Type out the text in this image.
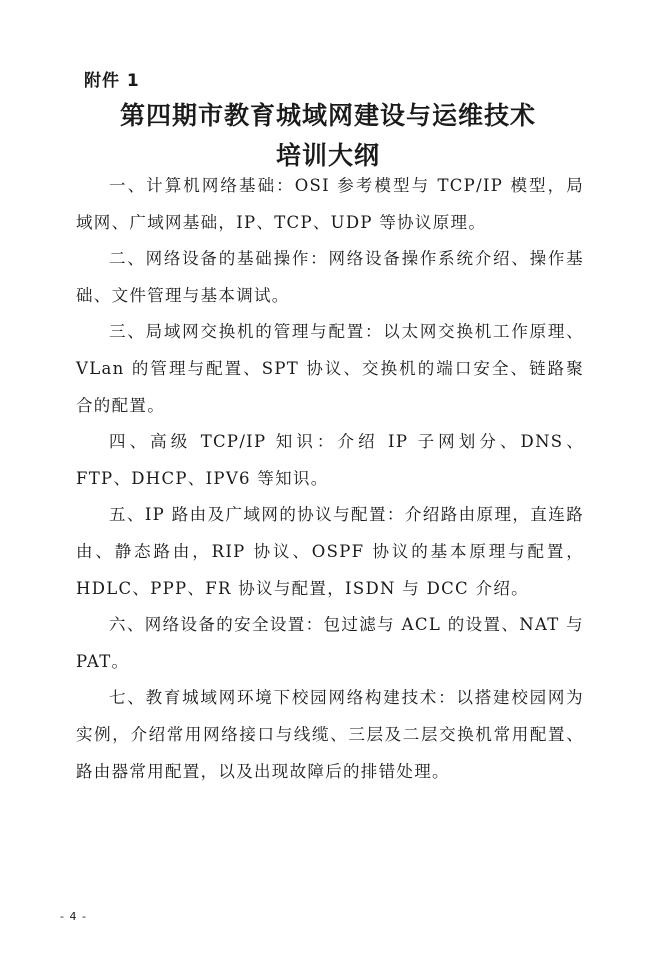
附件 1
第四期市教育城域网建设与运维技术
培训大纲

一、计算机网络基础：OSI 参考模型与 TCP/IP 模型，局域网、广域网基础，IP、TCP、UDP 等协议原理。

二、网络设备的基础操作：网络设备操作系统介绍、操作基础、文件管理与基本调试。

三、局域网交换机的管理与配置：以太网交换机工作原理、VLan 的管理与配置、SPT 协议、交换机的端口安全、链路聚合的配置。

四、高级 TCP/IP 知识：介绍 IP 子网划分、DNS、FTP、DHCP、IPV6 等知识。

五、IP 路由及广域网的协议与配置：介绍路由原理，直连路由、静态路由，RIP 协议、OSPF 协议的基本原理与配置，HDLC、PPP、FR 协议与配置，ISDN 与 DCC 介绍。

六、网络设备的安全设置：包过滤与 ACL 的设置、NAT 与 PAT。

七、教育城域网环境下校园网络构建技术：以搭建校园网为实例，介绍常用网络接口与线缆、三层及二层交换机常用配置、路由器常用配置，以及出现故障后的排错处理。

- 4 -
